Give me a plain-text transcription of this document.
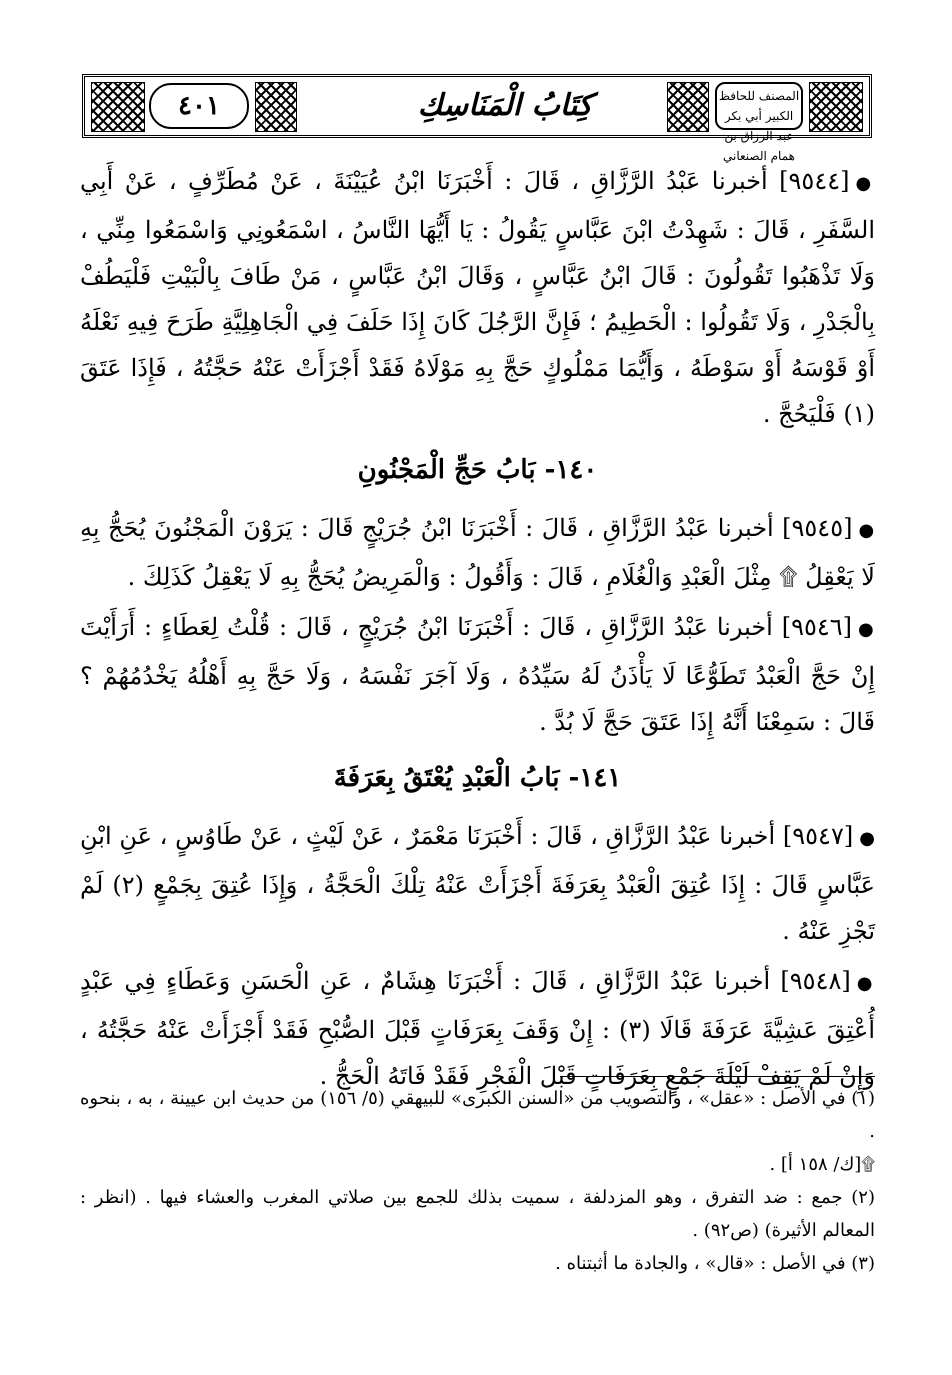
٤٠١	كِتَابُ الْمَنَاسِكِ	المصنف للحافظ الكبير أبي بكر عبد الرزاق بن همام الصنعاني

●[٩٥٤٤] أخبرنا عَبْدُ الرَّزَّاقِ ، قَالَ : أَخْبَرَنَا ابْنُ عُيَيْنَةَ ، عَنْ مُطَرِّفٍ ، عَنْ أَبِي السَّفَرِ ، قَالَ : شَهِدْتُ ابْنَ عَبَّاسٍ يَقُولُ : يَا أَيُّهَا النَّاسُ ، اسْمَعُونِي وَاسْمَعُوا مِنِّي ، وَلَا تَذْهَبُوا تَقُولُونَ : قَالَ ابْنُ عَبَّاسٍ ، وَقَالَ ابْنُ عَبَّاسٍ ، مَنْ طَافَ بِالْبَيْتِ فَلْيَطُفْ بِالْجَدْرِ ، وَلَا تَقُولُوا : الْحَطِيمُ ؛ فَإِنَّ الرَّجُلَ كَانَ إِذَا حَلَفَ فِي الْجَاهِلِيَّةِ طَرَحَ فِيهِ نَعْلَهُ أَوْ قَوْسَهُ أَوْ سَوْطَهُ ، وَأَيُّمَا مَمْلُوكٍ حَجَّ بِهِ مَوْلَاهُ فَقَدْ أَجْزَأَتْ عَنْهُ حَجَّتُهُ ، فَإِذَا عَتَقَ (١) فَلْيَحُجَّ .

١٤٠- بَابُ حَجِّ الْمَجْنُونِ

●[٩٥٤٥] أخبرنا عَبْدُ الرَّزَّاقِ ، قَالَ : أَخْبَرَنَا ابْنُ جُرَيْجٍ قَالَ : يَرَوْنَ الْمَجْنُونَ يُحَجُّ بِهِ لَا يَعْقِلُ ۩ مِثْلَ الْعَبْدِ وَالْغُلَامِ ، قَالَ : وَأَقُولُ : وَالْمَرِيضُ يُحَجُّ بِهِ لَا يَعْقِلُ كَذَلِكَ .

●[٩٥٤٦] أخبرنا عَبْدُ الرَّزَّاقِ ، قَالَ : أَخْبَرَنَا ابْنُ جُرَيْجٍ ، قَالَ : قُلْتُ لِعَطَاءٍ : أَرَأَيْتَ إِنْ حَجَّ الْعَبْدُ تَطَوُّعًا لَا يَأْذَنُ لَهُ سَيِّدُهُ ، وَلَا آجَرَ نَفْسَهُ ، وَلَا حَجَّ بِهِ أَهْلُهُ يَخْدُمُهُمْ ؟ قَالَ : سَمِعْنَا أَنَّهُ إِذَا عَتَقَ حَجَّ لَا بُدَّ .

١٤١- بَابُ الْعَبْدِ يُعْتَقُ بِعَرَفَةَ

●[٩٥٤٧] أخبرنا عَبْدُ الرَّزَّاقِ ، قَالَ : أَخْبَرَنَا مَعْمَرٌ ، عَنْ لَيْثٍ ، عَنْ طَاوُسٍ ، عَنِ ابْنِ عَبَّاسٍ قَالَ : إِذَا عُتِقَ الْعَبْدُ بِعَرَفَةَ أَجْزَأَتْ عَنْهُ تِلْكَ الْحَجَّةُ ، وَإِذَا عُتِقَ بِجَمْعٍ (٢) لَمْ تَجْزِ عَنْهُ .

●[٩٥٤٨] أخبرنا عَبْدُ الرَّزَّاقِ ، قَالَ : أَخْبَرَنَا هِشَامٌ ، عَنِ الْحَسَنِ وَعَطَاءٍ فِي عَبْدٍ أُعْتِقَ عَشِيَّةَ عَرَفَةَ قَالَا (٣) : إِنْ وَقَفَ بِعَرَفَاتٍ قَبْلَ الصُّبْحِ فَقَدْ أَجْزَأَتْ عَنْهُ حَجَّتُهُ ، وَإِنْ لَمْ يَقِفْ لَيْلَةَ جَمْعٍ بِعَرَفَاتٍ قَبْلَ الْفَجْرِ فَقَدْ فَاتَهُ الْحَجُّ .

(١) في الأصل : «عقل» ، والتصويب من «السنن الكبرى» للبيهقي (٥/ ١٥٦) من حديث ابن عيينة ، به ، بنحوه .

۩[ك/ ١٥٨ أ] .

(٢) جمع : ضد التفرق ، وهو المزدلفة ، سميت بذلك للجمع بين صلاتي المغرب والعشاء فيها . (انظر : المعالم الأثيرة) (ص٩٢) .

(٣) في الأصل : «قال» ، والجادة ما أثبتناه .
